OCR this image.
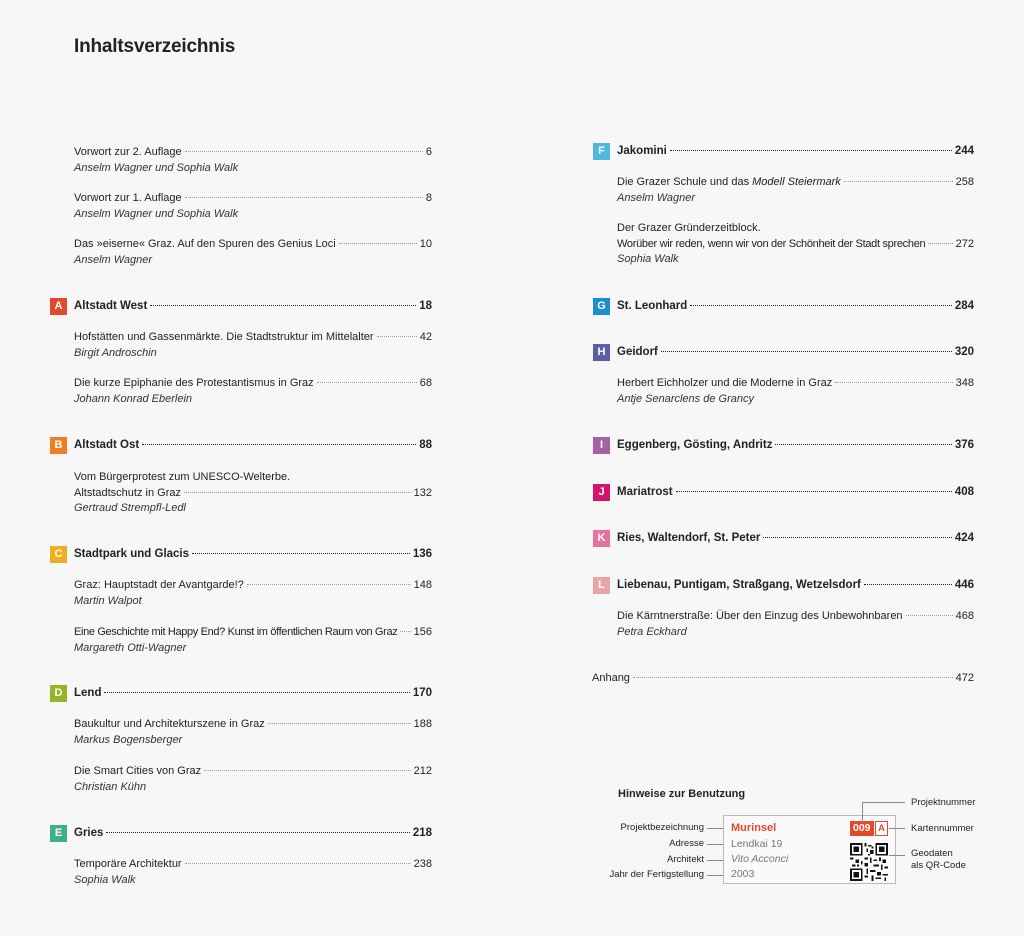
Inhaltsverzeichnis
Vorwort zur 2. Auflage	6
Anselm Wagner und Sophia Walk
Vorwort zur 1. Auflage	8
Anselm Wagner und Sophia Walk
Das »eiserne« Graz. Auf den Spuren des Genius Loci	10
Anselm Wagner
A	Altstadt West	18
Hofstätten und Gassenmärkte. Die Stadtstruktur im Mittelalter	42
Birgit Androschin
Die kurze Epiphanie des Protestantismus in Graz	68
Johann Konrad Eberlein
B	Altstadt Ost	88
Vom Bürgerprotest zum UNESCO-Welterbe.
Altstadtschutz in Graz	132
Gertraud Strempfl-Ledl
C	Stadtpark und Glacis	136
Graz: Hauptstadt der Avantgarde!?	148
Martin Walpot
Eine Geschichte mit Happy End? Kunst im öffentlichen Raum von Graz 156
Margareth Otti-Wagner
D	Lend	170
Baukultur und Architekturszene in Graz	188
Markus Bogensberger
Die Smart Cities von Graz	212
Christian Kühn
E	Gries	218
Temporäre Architektur	238
Sophia Walk
F	Jakomini	244
Die Grazer Schule und das Modell Steiermark	258
Anselm Wagner
Der Grazer Gründerzeitblock.
Worüber wir reden, wenn wir von der Schönheit der Stadt sprechen	272
Sophia Walk
G St. Leonhard	284
H	Geidorf	320
Herbert Eichholzer und die Moderne in Graz	348
Antje Senarclens de Grancy
I	Eggenberg, Gösting, Andritz	376
J	Mariatrost	408
K	Ries, Waltendorf, St. Peter	424
L	Liebenau, Puntigam, Straßgang, Wetzelsdorf	446
Die Kärntnerstraße: Über den Einzug des Unbewohnbaren	468
Petra Eckhard
Anhang	472
Hinweise zur Benutzung
Projektbezeichnung
Adresse
Architekt
Jahr der Fertigstellung
Murinsel
Lendkai 19
Vito Acconci
2003
009 A
Projektnummer
Kartennummer
Geodaten
als QR-Code
